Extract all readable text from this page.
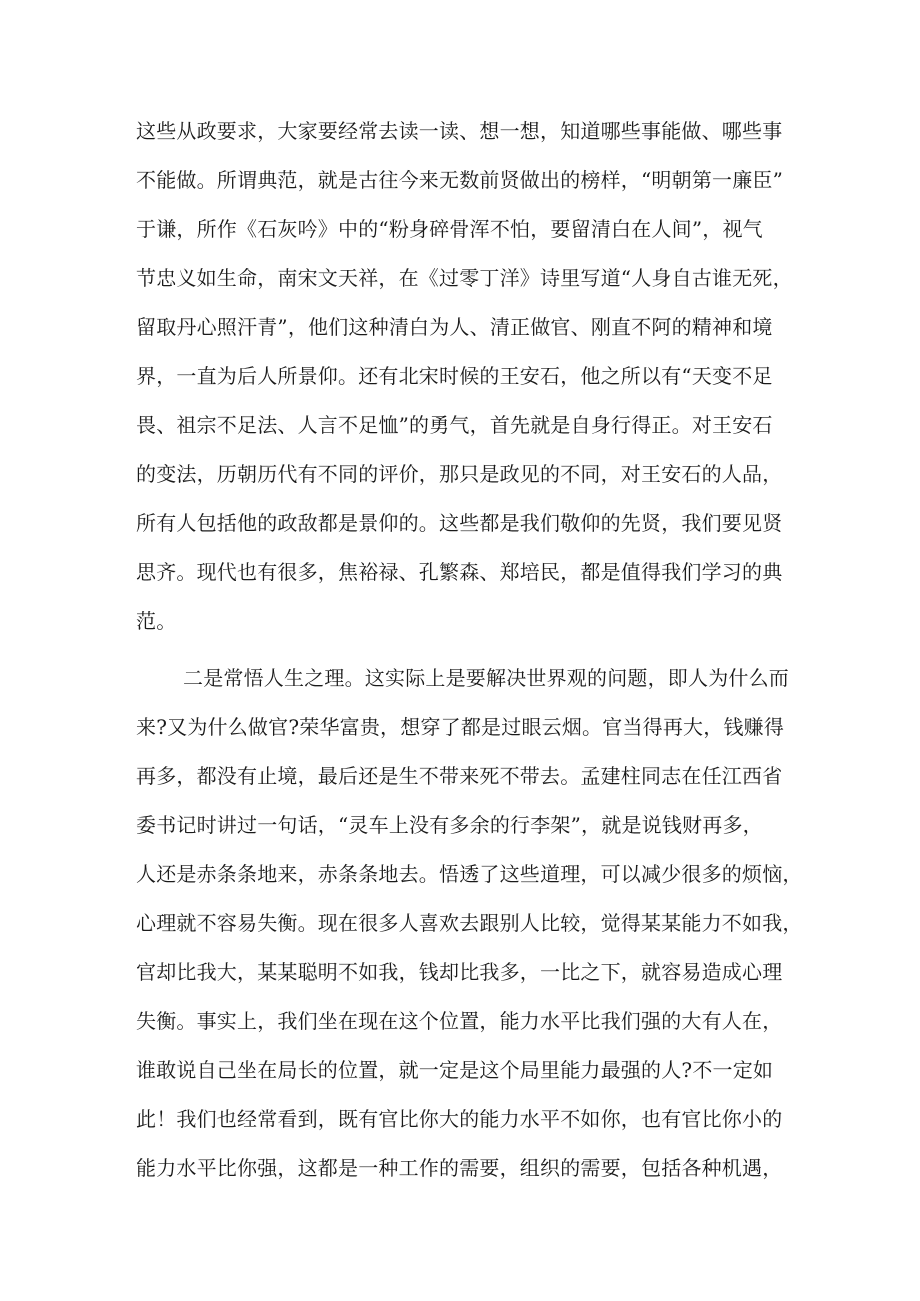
这些从政要求，大家要经常去读一读、想一想，知道哪些事能做、哪些事
不能做。所谓典范，就是古往今来无数前贤做出的榜样，“明朝第一廉臣”
于谦，所作《石灰吟》中的“粉身碎骨浑不怕，要留清白在人间”，视气
节忠义如生命，南宋文天祥，在《过零丁洋》诗里写道“人身自古谁无死，
留取丹心照汗青”，他们这种清白为人、清正做官、刚直不阿的精神和境
界，一直为后人所景仰。还有北宋时候的王安石，他之所以有“天变不足
畏、祖宗不足法、人言不足恤”的勇气，首先就是自身行得正。对王安石
的变法，历朝历代有不同的评价，那只是政见的不同，对王安石的人品，
所有人包括他的政敌都是景仰的。这些都是我们敬仰的先贤，我们要见贤
思齐。现代也有很多，焦裕禄、孔繁森、郑培民，都是值得我们学习的典
范。
二是常悟人生之理。这实际上是要解决世界观的问题，即人为什么而
来?又为什么做官?荣华富贵，想穿了都是过眼云烟。官当得再大，钱赚得
再多，都没有止境，最后还是生不带来死不带去。孟建柱同志在任江西省
委书记时讲过一句话，“灵车上没有多余的行李架”，就是说钱财再多，
人还是赤条条地来，赤条条地去。悟透了这些道理，可以减少很多的烦恼，
心理就不容易失衡。现在很多人喜欢去跟别人比较，觉得某某能力不如我，
官却比我大，某某聪明不如我，钱却比我多，一比之下，就容易造成心理
失衡。事实上，我们坐在现在这个位置，能力水平比我们强的大有人在，
谁敢说自己坐在局长的位置，就一定是这个局里能力最强的人?不一定如
此！我们也经常看到，既有官比你大的能力水平不如你，也有官比你小的
能力水平比你强，这都是一种工作的需要，组织的需要，包括各种机遇，
